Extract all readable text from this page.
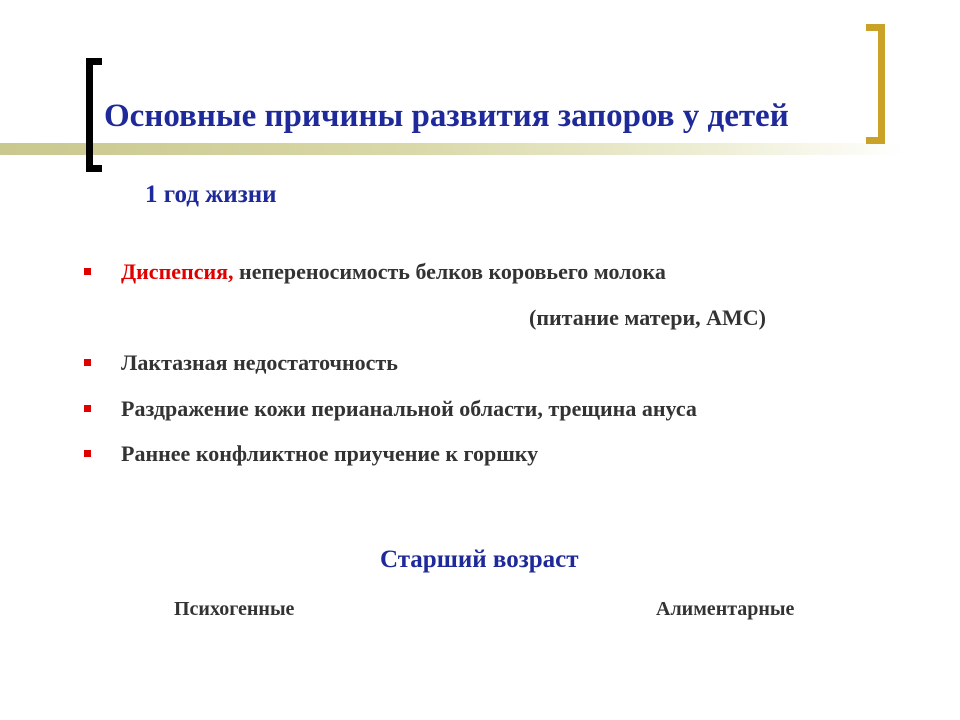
Основные причины развития запоров у детей
1 год жизни
Диспепсия, непереносимость белков коровьего молока
Лактазная недостаточность
Раздражение кожи перианальной области, трещина ануса
Раннее конфликтное приучение к горшку
(питание матери, АМС)
Старший возраст
Психогенные	Алиментарные
